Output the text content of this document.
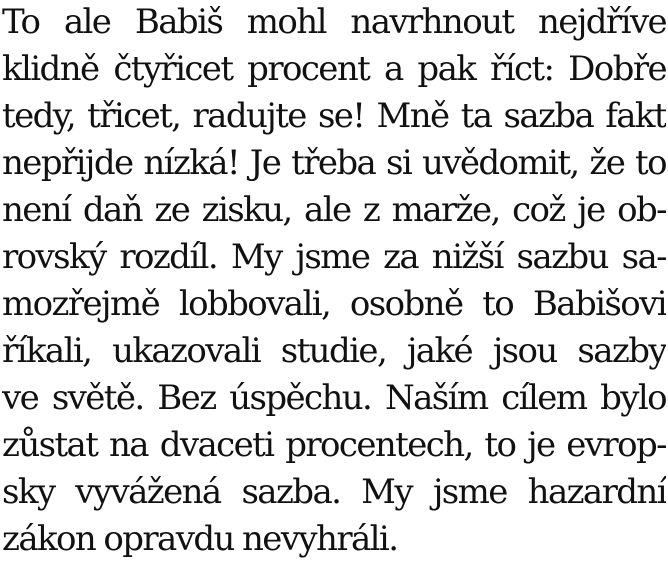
To ale Babiš mohl navrhnout nejdříve
klidně čtyřicet procent a pak říct: Dobře
tedy, třicet, radujte se! Mně ta sazba fakt
nepřijde nízká! Je třeba si uvědomit, že to
není daň ze zisku, ale z marže, což je ob-
rovský rozdíl. My jsme za nižší sazbu sa-
mozřejmě lobbovali, osobně to Babišovi
říkali, ukazovali studie, jaké jsou sazby
ve světě. Bez úspěchu. Naším cílem bylo
zůstat na dvaceti procentech, to je evrop-
sky vyvážená sazba. My jsme hazardní
zákon opravdu nevyhráli.
